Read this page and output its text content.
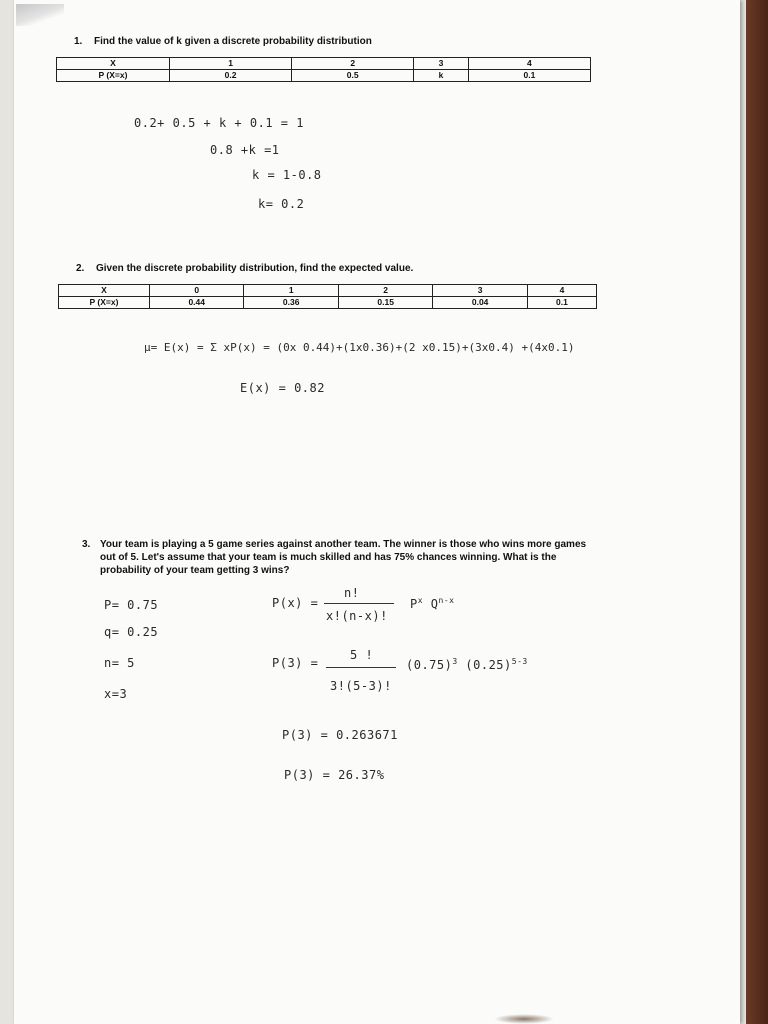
1. Find the value of k given a discrete probability distribution
X	1	2	3	4
P (X=x)	0.2	0.5	k	0.1
0.2+ 0.5 + k + 0.1 = 1
0.8 +k =1
k = 1-0.8
k= 0.2
2. Given the discrete probability distribution, find the expected value.
X	0	1	2	3	4
P (X=x)	0.44	0.36	0.15	0.04	0.1
μ= E(x) = Σ xP(x) = (0x 0.44)+(1x0.36)+(2 x0.15)+(3x0.4) +(4x0.1)
E(x) = 0.82
3. Your team is playing a 5 game series against another team. The winner is those who wins more games out of 5. Let's assume that your team is much skilled and has 75% chances winning. What is the probability of your team getting 3 wins?
P= 0.75
q= 0.25
n= 5
x=3
P(x) =
n!
x!(n-x)!
$P^x$ $Q^{n-x}$
P(3) =
5 !
3!(5-3)!
$(0.75)^3$ $(0.25)^{5-3}$
P(3) = 0.263671
P(3) = 26.37%
